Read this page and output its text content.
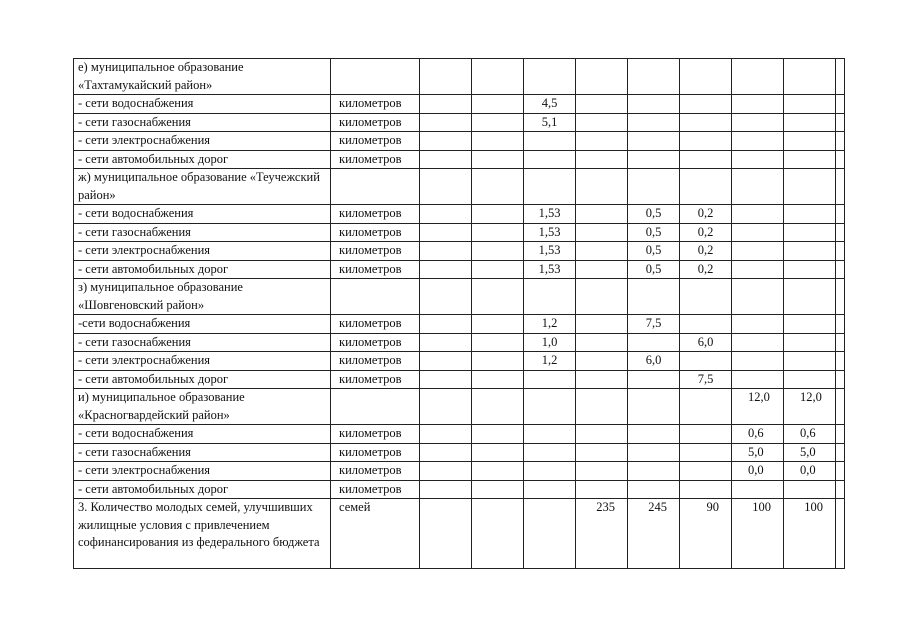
е) муниципальное образование «Тахтамукайский район»										
- сети водоснабжения	километров			4,5						
- сети газоснабжения	километров			5,1						
- сети электроснабжения	километров									
- сети автомобильных дорог	километров									
ж) муниципальное образование «Теучежский район»										
- сети водоснабжения	километров			1,53		0,5	0,2			
- сети газоснабжения	километров			1,53		0,5	0,2			
- сети электроснабжения	километров			1,53		0,5	0,2			
- сети автомобильных дорог	километров			1,53		0,5	0,2			
з) муниципальное образование «Шовгеновский район»										
-сети водоснабжения	километров			1,2		7,5				
- сети газоснабжения	километров			1,0			6,0			
- сети электроснабжения	километров			1,2		6,0				
- сети автомобильных дорог	километров						7,5			
и) муниципальное образование «Красногвардейский район»								12,0	12,0	
- сети водоснабжения	километров							0,6	0,6	
- сети газоснабжения	километров							5,0	5,0	
- сети электроснабжения	километров							0,0	0,0	
- сети автомобильных дорог	километров									
3. Количество молодых семей, улучшивших жилищные условия с привлечением софинансирования из федерального бюджета	семей				235	245	90	100	100	
